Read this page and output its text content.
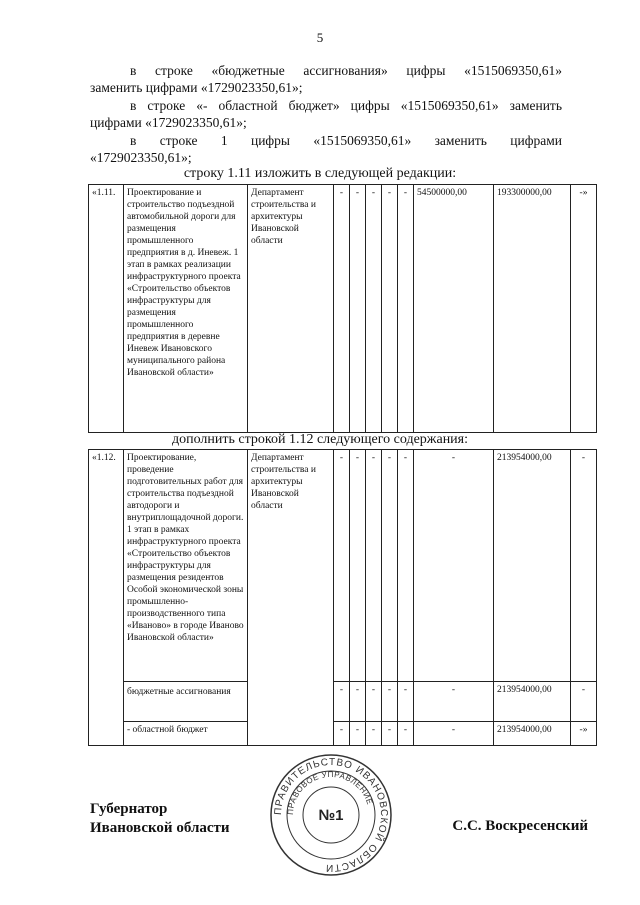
5
в строке «бюджетные ассигнования» цифры «1515069350,61»
заменить цифрами «1729023350,61»;
в строке «- областной бюджет» цифры «1515069350,61» заменить
цифрами «1729023350,61»;
в строке 1 цифры «1515069350,61» заменить цифрами
«1729023350,61»;
строку 1.11 изложить в следующей редакции:
«1.11.	Проектирование и строительство подъездной автомобильной дороги для размещения промышленного предприятия в д. Иневеж. 1 этап в рамках реализации инфраструктурного проекта «Строительство объектов инфраструктуры для размещения промышленного предприятия в деревне Иневеж Ивановского муниципального района Ивановской области»	Департамент строительства и архитектуры Ивановской области	-	-	-	-	-	54500000,00	193300000,00	-»
дополнить строкой 1.12 следующего содержания:
«1.12.	Проектирование, проведение подготовительных работ для строительства подъездной автодороги и внутриплощадочной дороги. 1 этап в рамках инфраструктурного проекта «Строительство объектов инфраструктуры для размещения резидентов Особой экономической зоны промышленно-производственного типа «Иваново» в городе Иваново Ивановской области»	Департамент строительства и архитектуры Ивановской области	-	-	-	-	-	-	213954000,00	-
	бюджетные ассигнования		-	-	-	-	-	-	213954000,00	-
	- областной бюджет		-	-	-	-	-	-	213954000,00	-»
Губернатор
Ивановской области	С.С. Воскресенский
ПРАВИТЕЛЬСТВО ИВАНОВСКОЙ ОБЛАСТИ
ПРАВОВОЕ УПРАВЛЕНИЕ
№1
